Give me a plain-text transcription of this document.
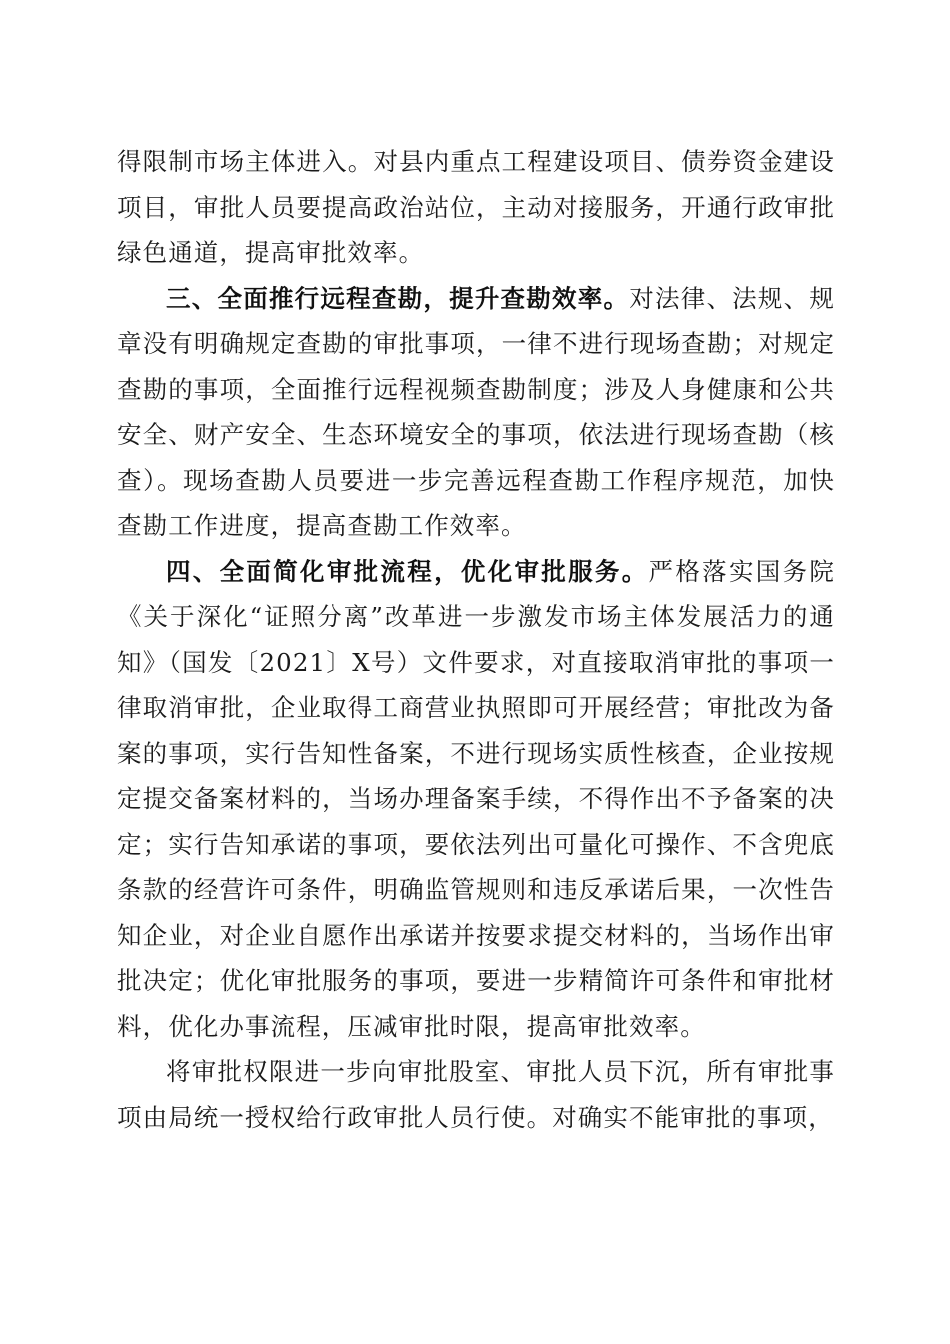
得限制市场主体进入。对县内重点工程建设项目、债券资金建设项目，审批人员要提高政治站位，主动对接服务，开通行政审批绿色通道，提高审批效率。

三、全面推行远程查勘，提升查勘效率。对法律、法规、规章没有明确规定查勘的审批事项，一律不进行现场查勘；对规定查勘的事项，全面推行远程视频查勘制度；涉及人身健康和公共安全、财产安全、生态环境安全的事项，依法进行现场查勘（核查）。现场查勘人员要进一步完善远程查勘工作程序规范，加快查勘工作进度，提高查勘工作效率。

四、全面简化审批流程，优化审批服务。严格落实国务院《关于深化“证照分离”改革进一步激发市场主体发展活力的通知》（国发〔2021〕X号）文件要求，对直接取消审批的事项一律取消审批，企业取得工商营业执照即可开展经营；审批改为备案的事项，实行告知性备案，不进行现场实质性核查，企业按规定提交备案材料的，当场办理备案手续，不得作出不予备案的决定；实行告知承诺的事项，要依法列出可量化可操作、不含兜底条款的经营许可条件，明确监管规则和违反承诺后果，一次性告知企业，对企业自愿作出承诺并按要求提交材料的，当场作出审批决定；优化审批服务的事项，要进一步精简许可条件和审批材料，优化办事流程，压减审批时限，提高审批效率。

将审批权限进一步向审批股室、审批人员下沉，所有审批事项由局统一授权给行政审批人员行使。对确实不能审批的事项，
